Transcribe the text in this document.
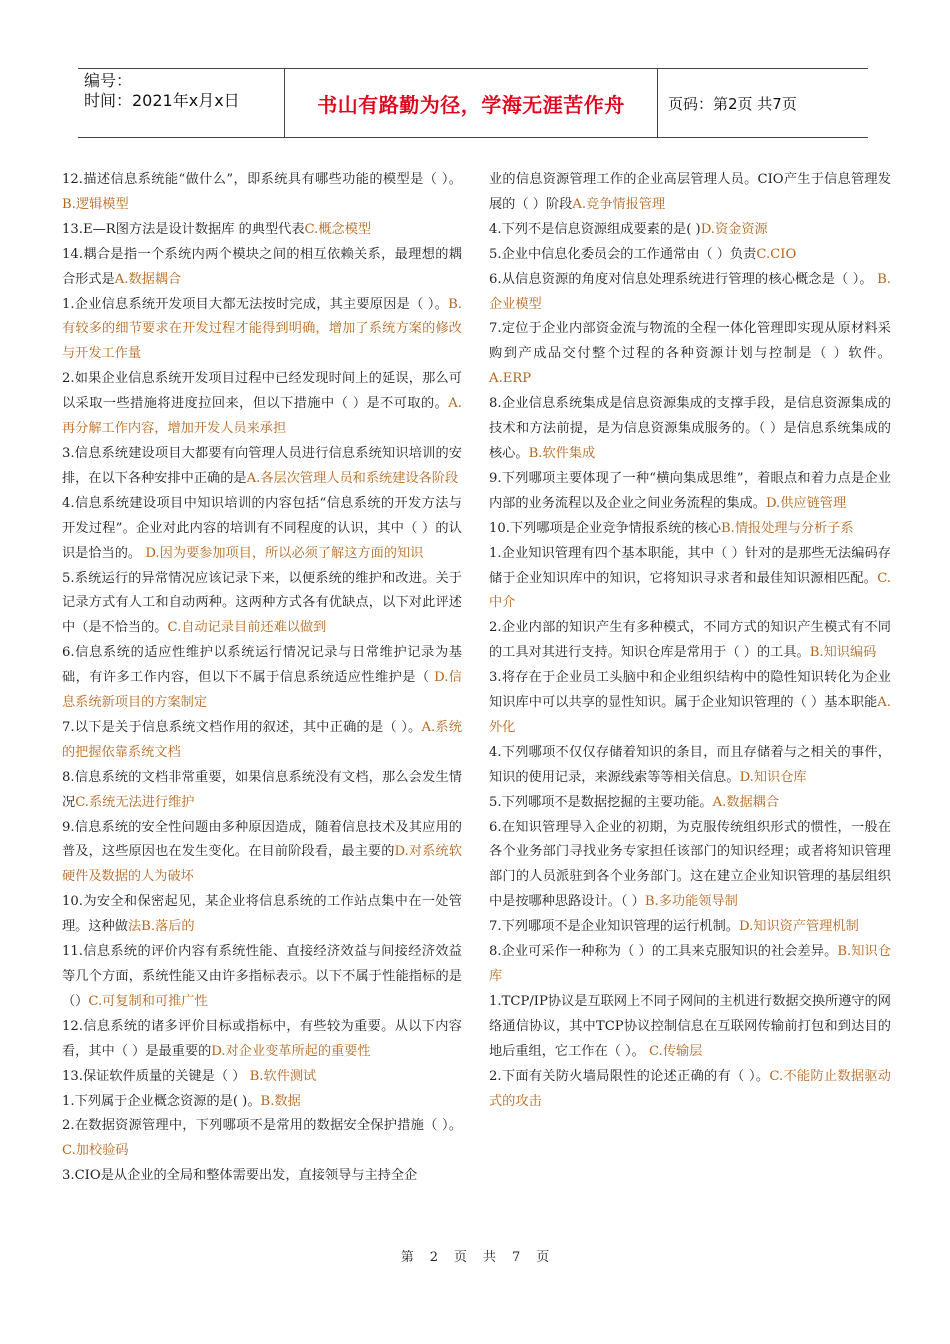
编号：
时间：2021年x月x日	书山有路勤为径，学海无涯苦作舟	页码：第2页 共7页

12.描述信息系统能“做什么”，即系统具有哪些功能的模型是（ ）。 B.逻辑模型

13.E—R图方法是设计数据库 的典型代表C.概念模型

14.耦合是指一个系统内两个模块之间的相互依赖关系，最理想的耦合形式是A.数据耦合

1.企业信息系统开发项目大都无法按时完成，其主要原因是（ ）。B.有较多的细节要求在开发过程才能得到明确，增加了系统方案的修改与开发工作量

2.如果企业信息系统开发项目过程中已经发现时间上的延误，那么可以采取一些措施将进度拉回来，但以下措施中（ ）是不可取的。A.再分解工作内容，增加开发人员来承担

3.信息系统建设项目大都要有向管理人员进行信息系统知识培训的安排，在以下各种安排中正确的是A.各层次管理人员和系统建设各阶段

4.信息系统建设项目中知识培训的内容包括“信息系统的开发方法与开发过程”。企业对此内容的培训有不同程度的认识，其中（ ）的认识是恰当的。 D.因为要参加项目，所以必须了解这方面的知识

5.系统运行的异常情况应该记录下来，以便系统的维护和改进。关于记录方式有人工和自动两种。这两种方式各有优缺点，以下对此评述中（是不恰当的。C.自动记录目前还难以做到

6.信息系统的适应性维护以系统运行情况记录与日常维护记录为基础，有许多工作内容，但以下不属于信息系统适应性维护是（ D.信息系统新项目的方案制定

7.以下是关于信息系统文档作用的叙述，其中正确的是（ ）。A.系统的把握依靠系统文档

8.信息系统的文档非常重要，如果信息系统没有文档，那么会发生情况C.系统无法进行维护

9.信息系统的安全性问题由多种原因造成，随着信息技术及其应用的普及，这些原因也在发生变化。在目前阶段看，最主要的D.对系统软硬件及数据的人为破坏

10.为安全和保密起见，某企业将信息系统的工作站点集中在一处管理。这种做法B.落后的

11.信息系统的评价内容有系统性能、直接经济效益与间接经济效益等几个方面，系统性能又由许多指标表示。以下不属于性能指标的是（）C.可复制和可推广性

12.信息系统的诸多评价目标或指标中，有些较为重要。从以下内容看，其中（ ）是最重要的D.对企业变革所起的重要性

13.保证软件质量的关键是（ ） B.软件测试

1.下列属于企业概念资源的是( )。B.数据

2.在数据资源管理中，下列哪项不是常用的数据安全保护措施（ ）。C.加校验码

3.CIO是从企业的全局和整体需要出发，直接领导与主持全企

业的信息资源管理工作的企业高层管理人员。CIO产生于信息管理发展的（ ）阶段A.竞争情报管理

4.下列不是信息资源组成要素的是( )D.资金资源

5.企业中信息化委员会的工作通常由（ ）负责C.CIO

6.从信息资源的角度对信息处理系统进行管理的核心概念是（ ）。 B.企业模型

7.定位于企业内部资金流与物流的全程一体化管理即实现从原材料采购到产成品交付整个过程的各种资源计划与控制是（ ）软件。A.ERP

8.企业信息系统集成是信息资源集成的支撑手段，是信息资源集成的技术和方法前提，是为信息资源集成服务的。（ ）是信息系统集成的核心。B.软件集成

9.下列哪项主要体现了一种“横向集成思维”，着眼点和着力点是企业内部的业务流程以及企业之间业务流程的集成。D.供应链管理

10.下列哪项是企业竞争情报系统的核心B.情报处理与分析子系

1.企业知识管理有四个基本职能，其中（ ）针对的是那些无法编码存储于企业知识库中的知识，它将知识寻求者和最佳知识源相匹配。C.中介

2.企业内部的知识产生有多种模式，不同方式的知识产生模式有不同的工具对其进行支持。知识仓库是常用于（ ）的工具。B.知识编码

3.将存在于企业员工头脑中和企业组织结构中的隐性知识转化为企业知识库中可以共享的显性知识。属于企业知识管理的（ ）基本职能A.外化

4.下列哪项不仅仅存储着知识的条目，而且存储着与之相关的事件，知识的使用记录，来源线索等等相关信息。D.知识仓库

5.下列哪项不是数据挖掘的主要功能。A.数据耦合

6.在知识管理导入企业的初期，为克服传统组织形式的惯性，一般在各个业务部门寻找业务专家担任该部门的知识经理；或者将知识管理部门的人员派驻到各个业务部门。这在建立企业知识管理的基层组织中是按哪种思路设计。（ ）B.多功能领导制

7.下列哪项不是企业知识管理的运行机制。D.知识资产管理机制

8.企业可采作一种称为（ ）的工具来克服知识的社会差异。B.知识仓库

1.TCP/IP协议是互联网上不同子网间的主机进行数据交换所遵守的网络通信协议，其中TCP协议控制信息在互联网传输前打包和到达目的地后重组，它工作在（ ）。 C.传输层

2.下面有关防火墙局限性的论述正确的有（ ）。C.不能防止数据驱动式的攻击

第 2 页 共 7 页
